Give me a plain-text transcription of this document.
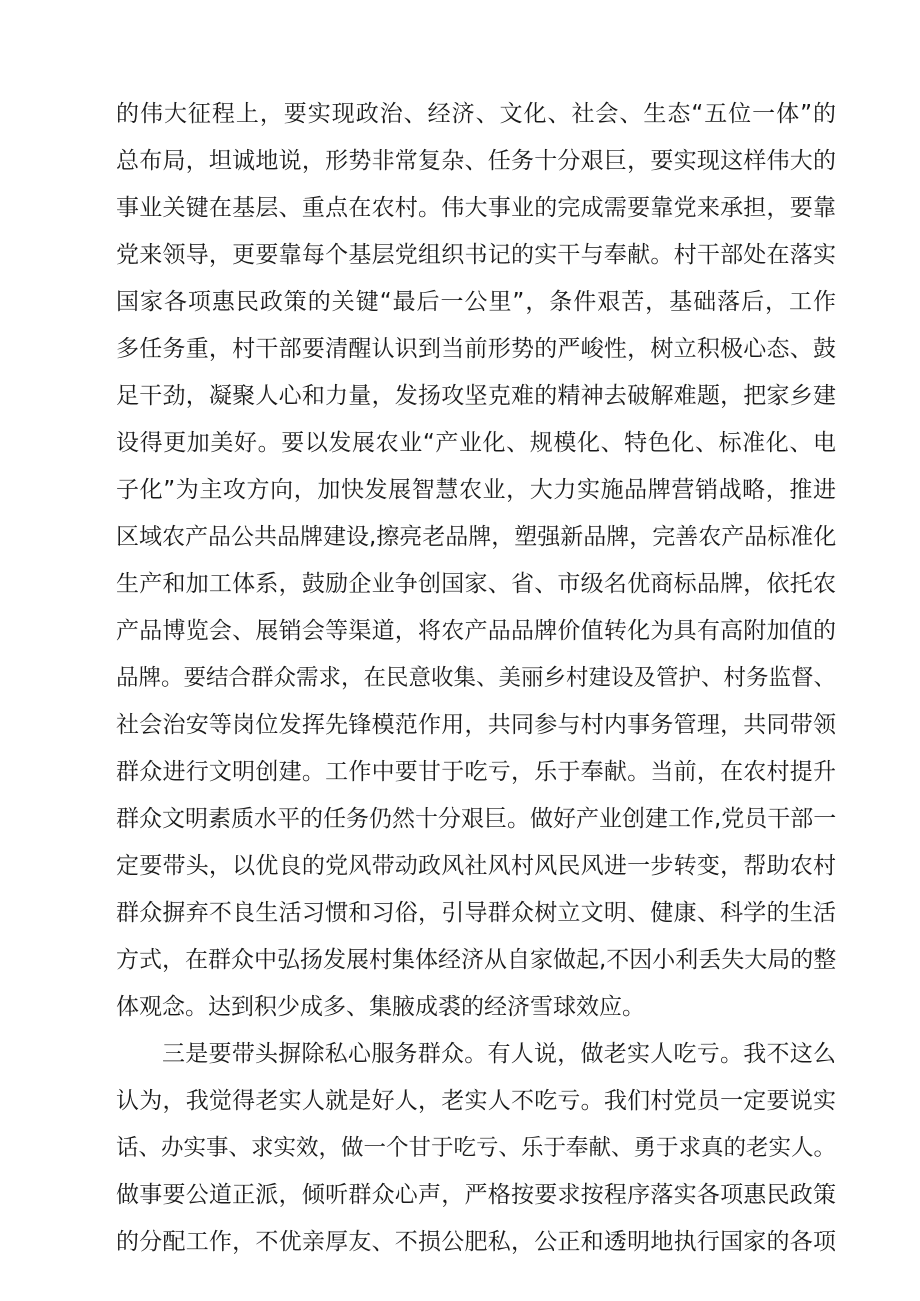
的伟大征程上，要实现政治、经济、文化、社会、生态“五位一体”的
总布局，坦诚地说，形势非常复杂、任务十分艰巨，要实现这样伟大的
事业关键在基层、重点在农村。伟大事业的完成需要靠党来承担，要靠
党来领导，更要靠每个基层党组织书记的实干与奉献。村干部处在落实
国家各项惠民政策的关键“最后一公里”，条件艰苦，基础落后，工作
多任务重，村干部要清醒认识到当前形势的严峻性，树立积极心态、鼓
足干劲，凝聚人心和力量，发扬攻坚克难的精神去破解难题，把家乡建
设得更加美好。要以发展农业“产业化、规模化、特色化、标准化、电
子化”为主攻方向，加快发展智慧农业，大力实施品牌营销战略，推进
区域农产品公共品牌建设,擦亮老品牌，塑强新品牌，完善农产品标准化
生产和加工体系，鼓励企业争创国家、省、市级名优商标品牌，依托农
产品博览会、展销会等渠道，将农产品品牌价值转化为具有高附加值的
品牌。要结合群众需求，在民意收集、美丽乡村建设及管护、村务监督、
社会治安等岗位发挥先锋模范作用，共同参与村内事务管理，共同带领
群众进行文明创建。工作中要甘于吃亏，乐于奉献。当前，在农村提升
群众文明素质水平的任务仍然十分艰巨。做好产业创建工作,党员干部一
定要带头，以优良的党风带动政风社风村风民风进一步转变，帮助农村
群众摒弃不良生活习惯和习俗，引导群众树立文明、健康、科学的生活
方式，在群众中弘扬发展村集体经济从自家做起,不因小利丢失大局的整
体观念。达到积少成多、集腋成裘的经济雪球效应。
三是要带头摒除私心服务群众。有人说，做老实人吃亏。我不这么
认为，我觉得老实人就是好人，老实人不吃亏。我们村党员一定要说实
话、办实事、求实效，做一个甘于吃亏、乐于奉献、勇于求真的老实人。
做事要公道正派，倾听群众心声，严格按要求按程序落实各项惠民政策
的分配工作，不优亲厚友、不损公肥私，公正和透明地执行国家的各项
